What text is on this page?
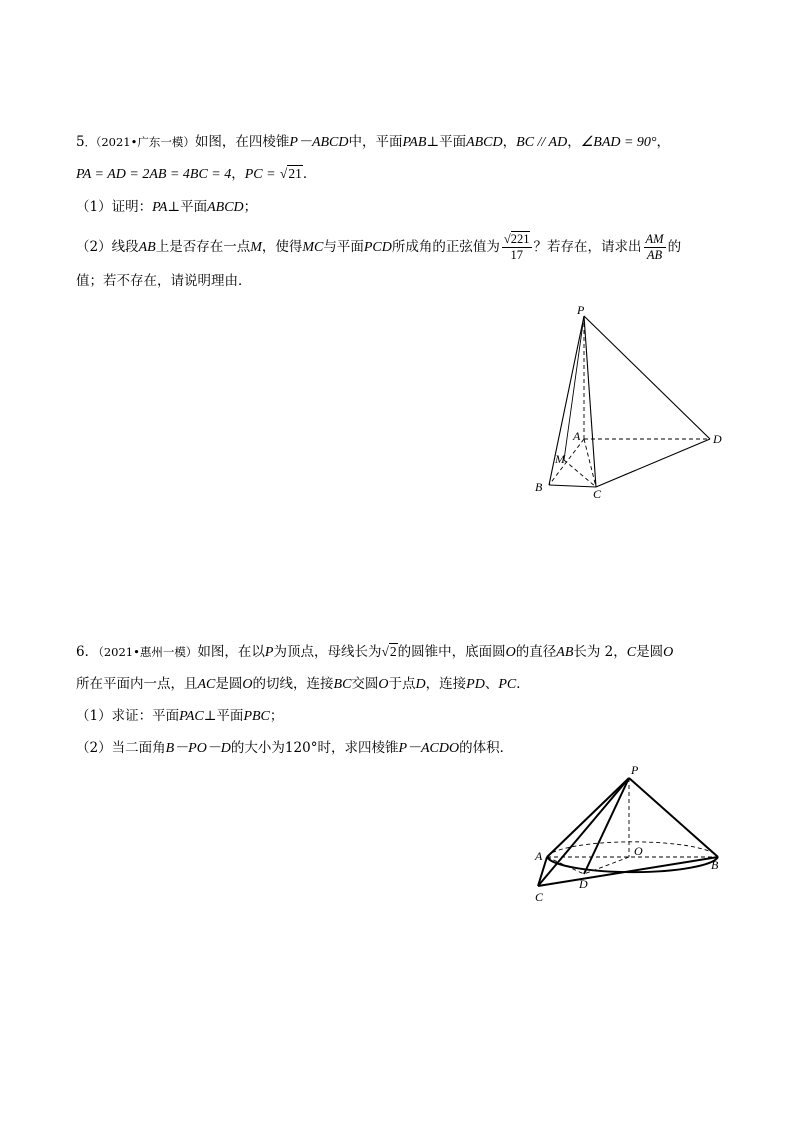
5．（2021•广东一模）如图，在四棱锥P－ABCD中，平面PAB⊥平面ABCD，BC // AD，∠BAD = 90°，
PA = AD = 2AB = 4BC = 4，PC = √21．
（1）证明：PA⊥平面ABCD；
（2）线段AB上是否存在一点M，使得MC与平面PCD所成角的正弦值为 $\frac{√221}{17}$ ？若存在，请求出 $\frac{AM}{AB}$ 的
值；若不存在，请说明理由．
P
A
M
B	C
D
6．（2021•惠州一模）如图，在以P为顶点，母线长为√2的圆锥中，底面圆O的直径AB长为 2，C是圆O
所在平面内一点，且AC是圆O的切线，连接BC交圆O于点D，连接PD、PC．
（1）求证：平面PAC⊥平面PBC；
（2）当二面角B－PO－D的大小为120°时，求四棱锥P－ACDO的体积．
P
A	O
B
C
D
